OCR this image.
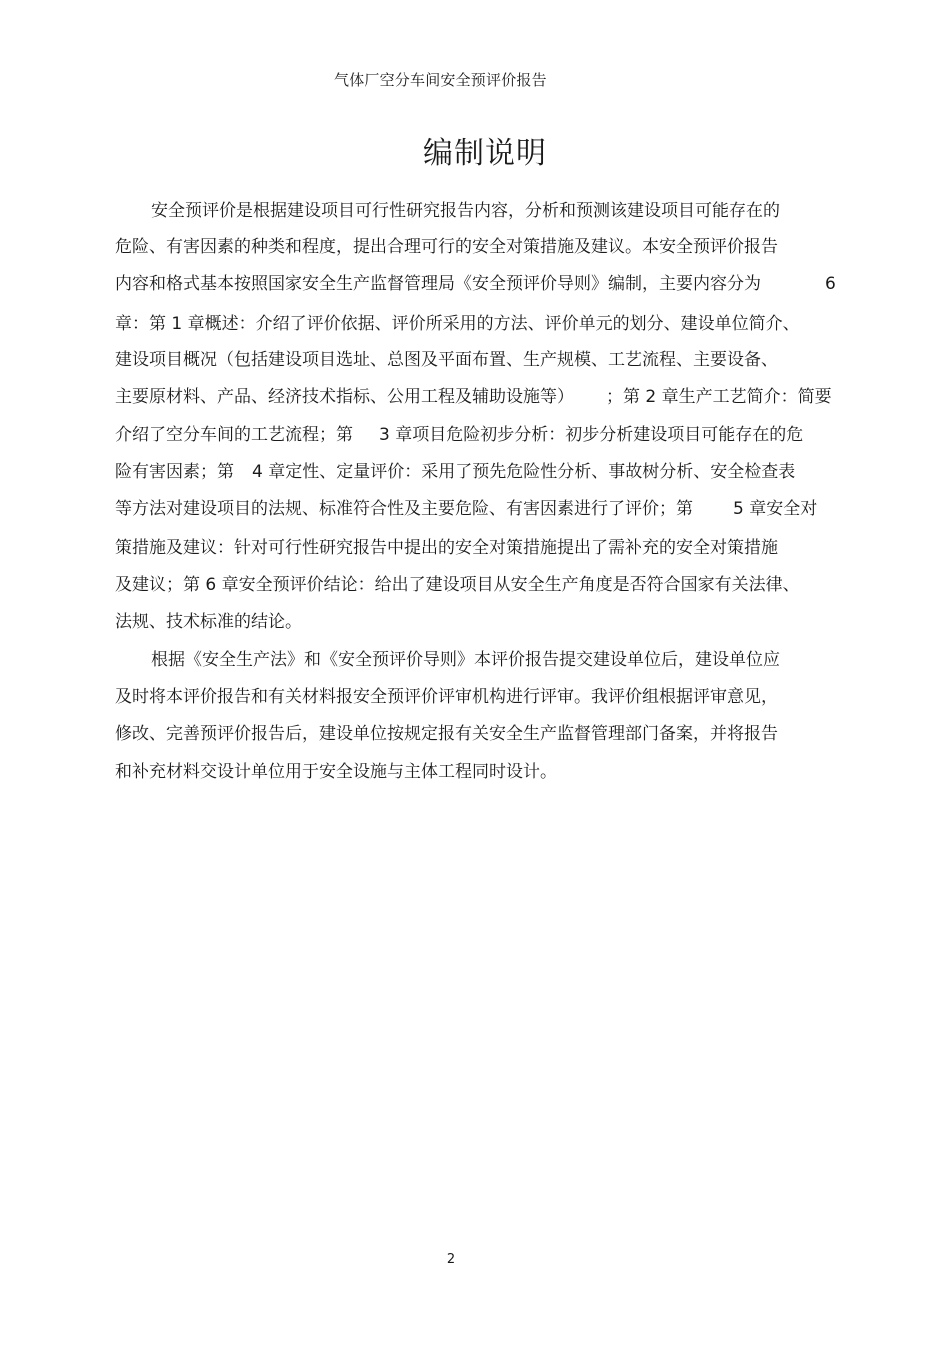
气体厂空分车间安全预评价报告
编制说明
安全预评价是根据建设项目可行性研究报告内容，分析和预测该建设项目可能存在的
危险、有害因素的种类和程度，提出合理可行的安全对策措施及建议。本安全预评价报告
内容和格式基本按照国家安全生产监督管理局《安全预评价导则》编制，主要内容分为	6
章：第 1 章概述：介绍了评价依据、评价所采用的方法、评价单元的划分、建设单位简介、
建设项目概况（包括建设项目选址、总图及平面布置、生产规模、工艺流程、主要设备、
主要原材料、产品、经济技术指标、公用工程及辅助设施等） ；第 2 章生产工艺简介：简要
介绍了空分车间的工艺流程；第 3 章项目危险初步分析：初步分析建设项目可能存在的危
险有害因素；第 4 章定性、定量评价：采用了预先危险性分析、事故树分析、安全检查表
等方法对建设项目的法规、标准符合性及主要危险、有害因素进行了评价；第 5 章安全对
策措施及建议：针对可行性研究报告中提出的安全对策措施提出了需补充的安全对策措施
及建议；第 6 章安全预评价结论：给出了建设项目从安全生产角度是否符合国家有关法律、
法规、技术标准的结论。
根据《安全生产法》和《安全预评价导则》本评价报告提交建设单位后，建设单位应
及时将本评价报告和有关材料报安全预评价评审机构进行评审。我评价组根据评审意见，
修改、完善预评价报告后，建设单位按规定报有关安全生产监督管理部门备案，并将报告
和补充材料交设计单位用于安全设施与主体工程同时设计。
2
